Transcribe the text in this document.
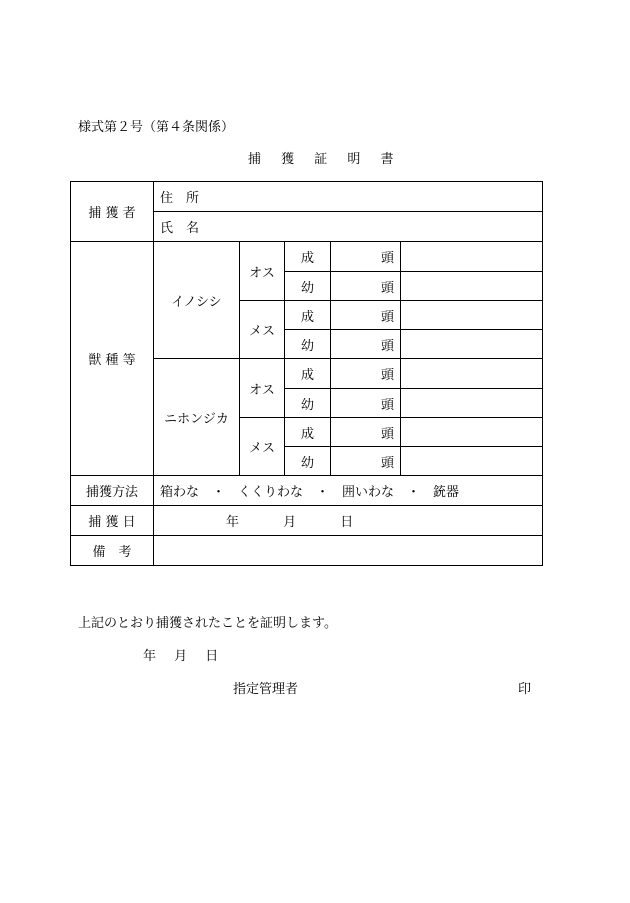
様式第２号（第４条関係）
捕 獲 証 明 書
捕 獲 者	住　所				
	氏　名				
獣 種 等	イノシシ	オス	成	頭	
			幼	頭	
		メス	成	頭	
			幼	頭	
	ニホンジカ	オス	成	頭	
			幼	頭	
		メス	成	頭	
			幼	頭	
捕獲方法	箱わな　・　くくりわな　・　囲いわな　・　銃器				
捕 獲 日	年 月 日				
備　考					
上記のとおり捕獲されたことを証明します。
年 月 日
指定管理者	印
